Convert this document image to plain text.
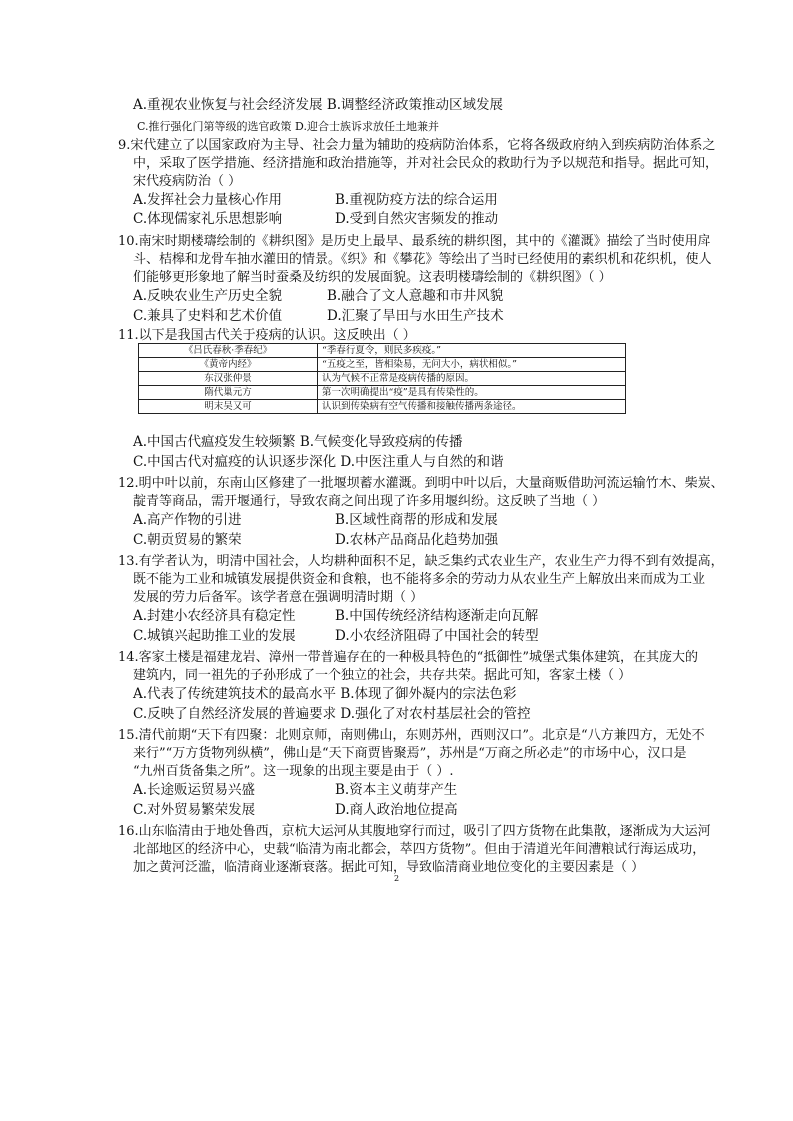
A.重视农业恢复与社会经济发展 B.调整经济政策推动区域发展
C.推行强化门第等级的选官政策 D.迎合士族诉求放任土地兼并
9.宋代建立了以国家政府为主导、社会力量为辅助的疫病防治体系，它将各级政府纳入到疾病防治体系之
中，采取了医学措施、经济措施和政治措施等，并对社会民众的救助行为予以规范和指导。据此可知，
宋代疫病防治（ ）
A.发挥社会力量核心作用	B.重视防疫方法的综合运用
C.体现儒家礼乐思想影响	D.受到自然灾害频发的推动
10.南宋时期楼璹绘制的《耕织图》是历史上最早、最系统的耕织图，其中的《灌溉》描绘了当时使用戽
斗、桔槔和龙骨车抽水灌田的情景。《织》和《攀花》等绘出了当时已经使用的素织机和花织机，使人
们能够更形象地了解当时蚕桑及纺织的发展面貌。这表明楼璹绘制的《耕织图》（ ）
A.反映农业生产历史全貌	B.融合了文人意趣和市井风貌
C.兼具了史料和艺术价值	D.汇聚了旱田与水田生产技术
11.以下是我国古代关于疫病的认识。这反映出（ ）
《吕氏春秋·季春纪》	“季春行夏令，则民多疾疫。”
《黄帝内经》	“五疫之至，皆相染易，无问大小，病状相似。”
东汉张仲景	认为气候不正常是疫病传播的原因。
隋代巢元方	第一次明确提出“疫”是具有传染性的。
明末吴又可	认识到传染病有空气传播和接触传播两条途径。
A.中国古代瘟疫发生较频繁 B.气候变化导致疫病的传播
C.中国古代对瘟疫的认识逐步深化 D.中医注重人与自然的和谐
12.明中叶以前，东南山区修建了一批堰坝蓄水灌溉。到明中叶以后，大量商贩借助河流运输竹木、柴炭、
靛青等商品，需开堰通行，导致农商之间出现了许多用堰纠纷。这反映了当地（ ）
A.高产作物的引进	B.区域性商帮的形成和发展
C.朝贡贸易的繁荣	D.农林产品商品化趋势加强
13.有学者认为，明清中国社会，人均耕种面积不足，缺乏集约式农业生产，农业生产力得不到有效提高，
既不能为工业和城镇发展提供资金和食粮，也不能将多余的劳动力从农业生产上解放出来而成为工业
发展的劳力后备军。该学者意在强调明清时期（ ）
A.封建小农经济具有稳定性	B.中国传统经济结构逐渐走向瓦解
C.城镇兴起助推工业的发展	D.小农经济阻碍了中国社会的转型
14.客家土楼是福建龙岩、漳州一带普遍存在的一种极具特色的“抵御性”城堡式集体建筑，在其庞大的
建筑内，同一祖先的子孙形成了一个独立的社会，共存共荣。据此可知，客家土楼（ ）
A.代表了传统建筑技术的最高水平 B.体现了御外凝内的宗法色彩
C.反映了自然经济发展的普遍要求 D.强化了对农村基层社会的管控
15.清代前期“天下有四聚：北则京师，南则佛山，东则苏州，西则汉口”。北京是“八方兼四方，无处不
来行”“万方货物列纵横”，佛山是“天下商贾皆聚焉”，苏州是“万商之所必走”的市场中心，汉口是
“九州百货备集之所”。这一现象的出现主要是由于（ ）.
A.长途贩运贸易兴盛	B.资本主义萌芽产生
C.对外贸易繁荣发展	D.商人政治地位提高
16.山东临清由于地处鲁西，京杭大运河从其腹地穿行而过，吸引了四方货物在此集散，逐渐成为大运河
北部地区的经济中心，史载“临清为南北都会，萃四方货物”。但由于清道光年间漕粮试行海运成功，
加之黄河泛滥，临清商业逐渐衰落。据此可知，导致临清商业地位变化的主要因素是（ ）
2
